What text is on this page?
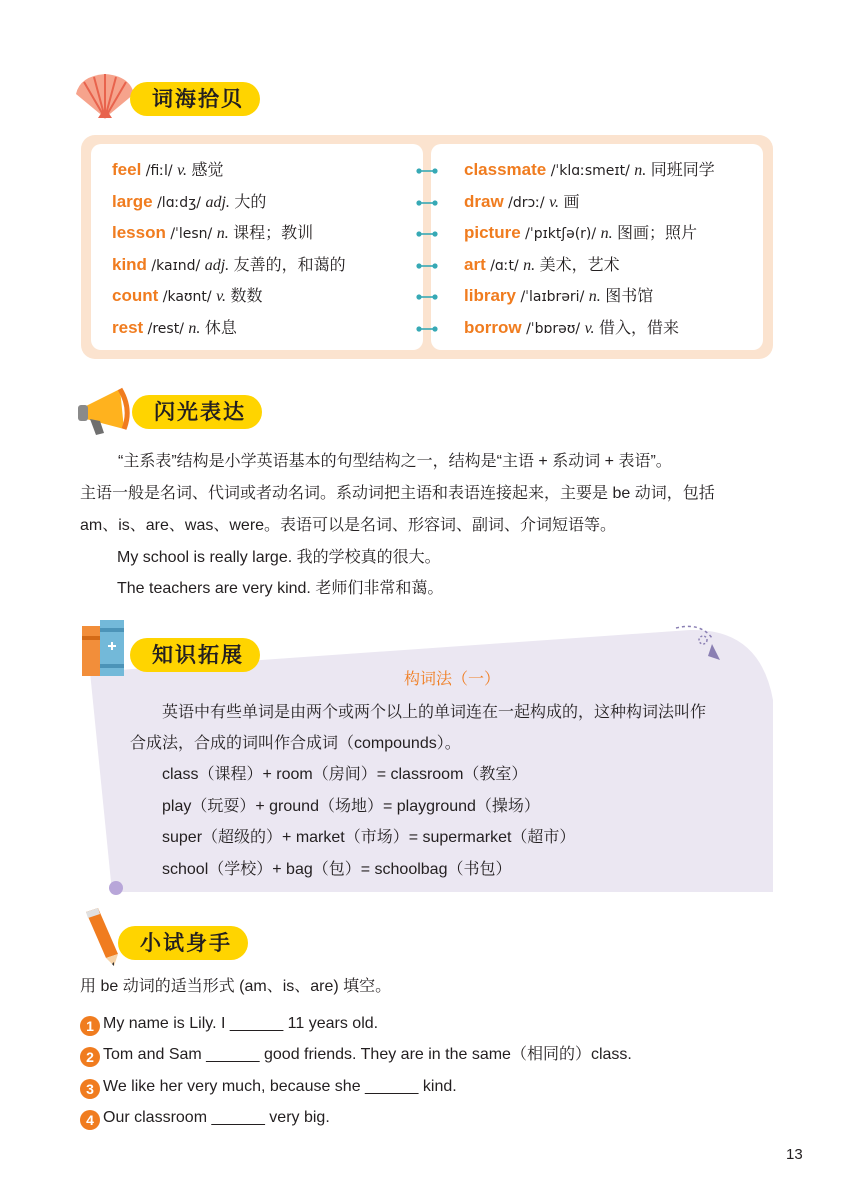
词海拾贝
feel /fiːl/ v. 感觉
large /lɑːdʒ/ adj. 大的
lesson /ˈlesn/ n. 课程；教训
kind /kaɪnd/ adj. 友善的，和蔼的
count /kaʊnt/ v. 数数
rest /rest/ n. 休息
classmate /ˈklɑːsmeɪt/ n. 同班同学
draw /drɔː/ v. 画
picture /ˈpɪktʃə(r)/ n. 图画；照片
art /ɑːt/ n. 美术，艺术
library /ˈlaɪbrəri/ n. 图书馆
borrow /ˈbɒrəʊ/ v. 借入，借来
闪光表达
“主系表”结构是小学英语基本的句型结构之一，结构是“主语 + 系动词 + 表语”。
主语一般是名词、代词或者动名词。系动词把主语和表语连接起来，主要是 be 动词，包括
am、is、are、was、were。表语可以是名词、形容词、副词、介词短语等。
My school is really large. 我的学校真的很大。
The teachers are very kind. 老师们非常和蔼。
知识拓展
构词法（一）
英语中有些单词是由两个或两个以上的单词连在一起构成的，这种构词法叫作
合成法，合成的词叫作合成词（compounds）。
class（课程）+ room（房间）= classroom（教室）
play（玩耍）+ ground（场地）= playground（操场）
super（超级的）+ market（市场）= supermarket（超市）
school（学校）+ bag（包）= schoolbag（书包）
小试身手
用 be 动词的适当形式 (am、is、are) 填空。
1 My name is Lily. I ______ 11 years old.
2 Tom and Sam ______ good friends. They are in the same（相同的）class.
3 We like her very much, because she ______ kind.
4 Our classroom ______ very big.
13
